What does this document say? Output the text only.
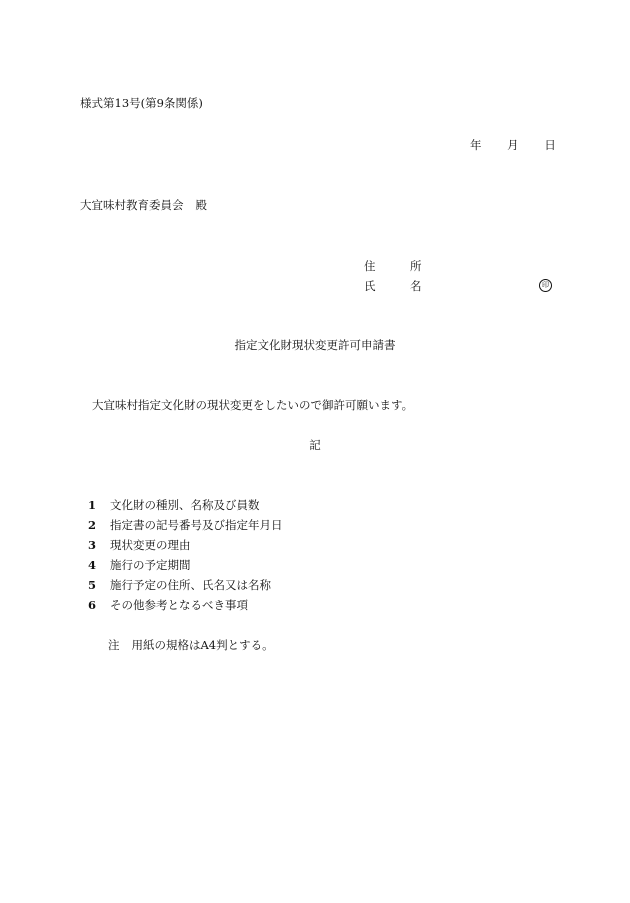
様式第13号(第9条関係)
年 月 日
大宜味村教育委員会 殿
住	所
氏	名	印
指定文化財現状変更許可申請書
大宜味村指定文化財の現状変更をしたいので御許可願います。
記
1 文化財の種別、名称及び員数
2 指定書の記号番号及び指定年月日
3 現状変更の理由
4 施行の予定期間
5 施行予定の住所、氏名又は名称
6 その他参考となるべき事項
注 用紙の規格はA4判とする。
